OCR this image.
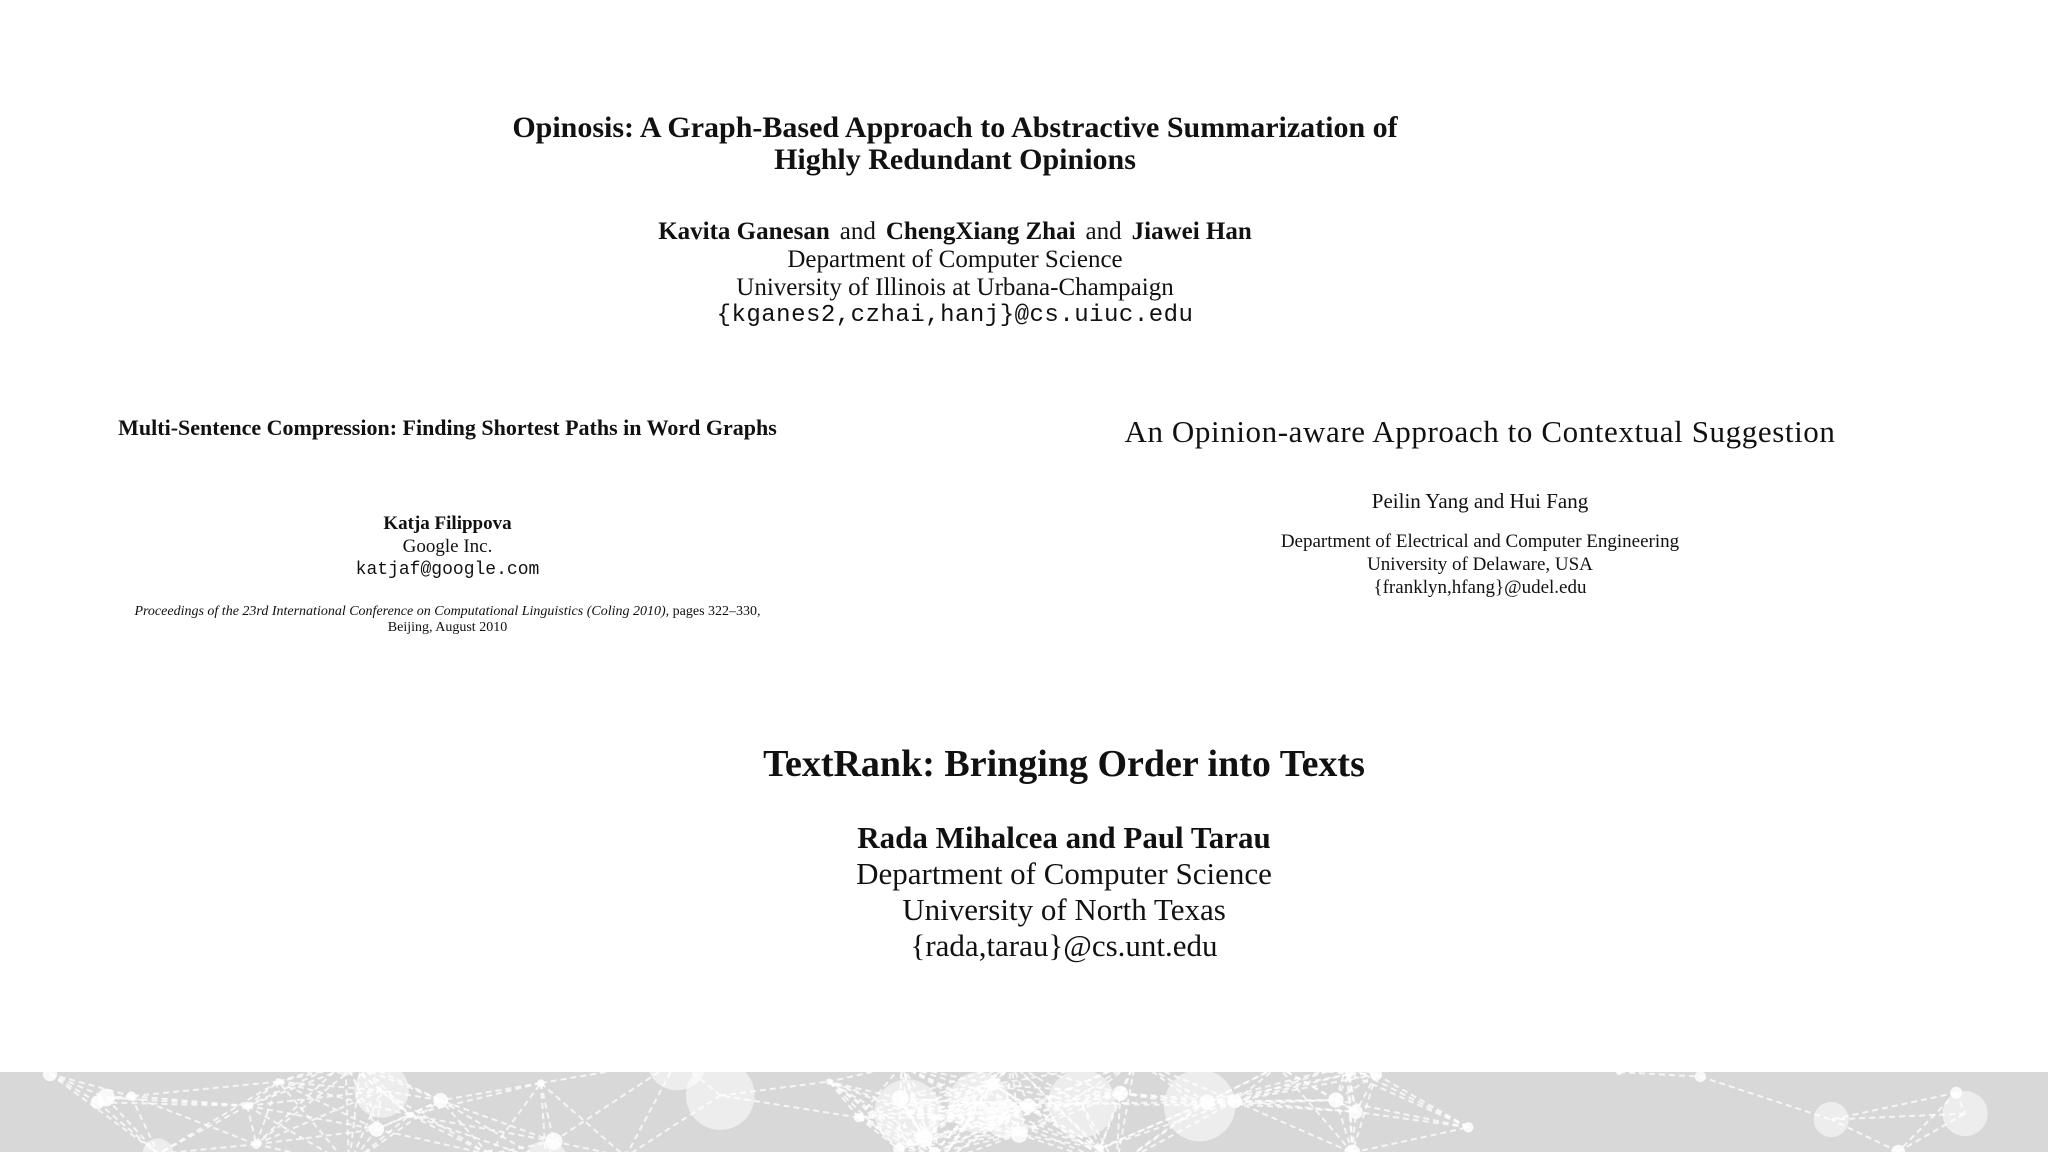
Opinosis: A Graph-Based Approach to Abstractive Summarization of
Highly Redundant Opinions
Kavita Ganesan and ChengXiang Zhai and Jiawei Han
Department of Computer Science
University of Illinois at Urbana-Champaign
{kganes2,czhai,hanj}@cs.uiuc.edu
Multi-Sentence Compression: Finding Shortest Paths in Word Graphs
Katja Filippova
Google Inc.
katjaf@google.com
Proceedings of the 23rd International Conference on Computational Linguistics (Coling 2010), pages 322–330,
Beijing, August 2010
An Opinion-aware Approach to Contextual Suggestion
Peilin Yang and Hui Fang
Department of Electrical and Computer Engineering
University of Delaware, USA
{franklyn,hfang}@udel.edu
TextRank: Bringing Order into Texts
Rada Mihalcea and Paul Tarau
Department of Computer Science
University of North Texas
{rada,tarau}@cs.unt.edu
